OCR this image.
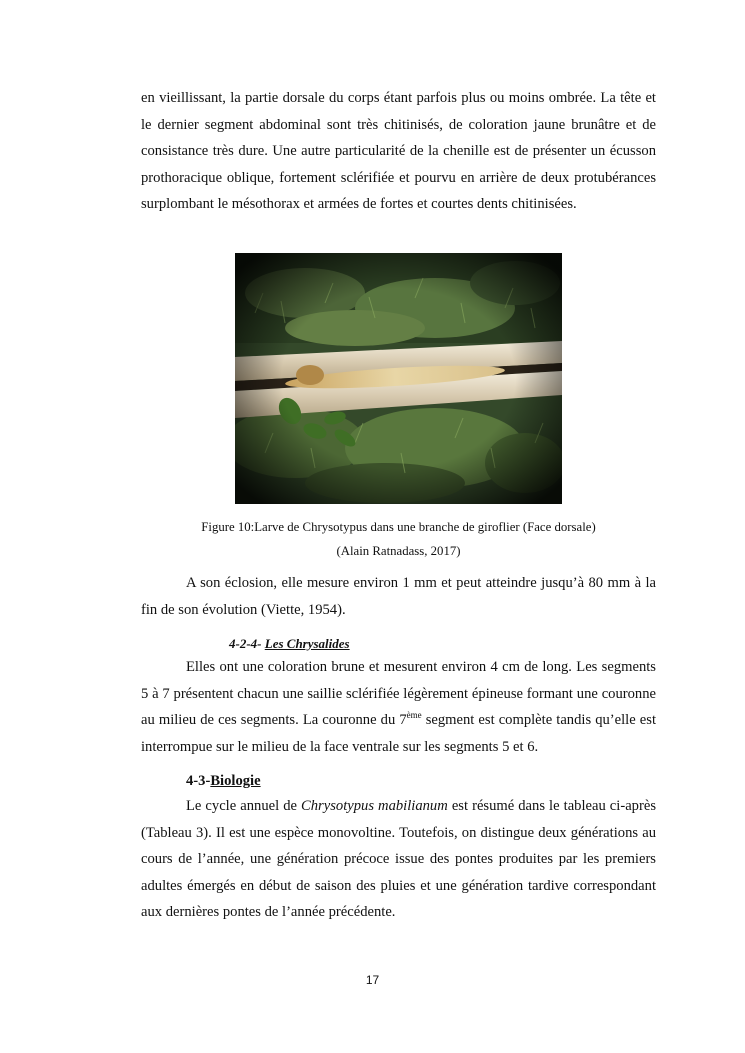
en vieillissant, la partie dorsale du corps étant parfois plus ou moins ombrée. La tête et le dernier segment abdominal sont très chitinisés, de coloration jaune brunâtre et de consistance très dure. Une autre particularité de la chenille est de présenter un écusson prothoracique oblique, fortement sclérifiée et pourvu en arrière de deux protubérances surplombant le mésothorax et armées de fortes et courtes dents chitinisées.

Figure 10:Larve de Chrysotypus dans une branche de giroflier (Face dorsale)

(Alain Ratnadass, 2017)

A son éclosion, elle mesure environ 1 mm et peut atteindre jusqu’à 80 mm à la fin de son évolution (Viette, 1954).

4-2-4- Les Chrysalides

Elles ont une coloration brune et mesurent environ 4 cm de long. Les segments 5 à 7 présentent chacun une saillie sclérifiée légèrement épineuse formant une couronne au milieu de ces segments. La couronne du 7ème segment est complète tandis qu’elle est interrompue sur le milieu de la face ventrale sur les segments 5 et 6.

4-3-Biologie

Le cycle annuel de Chrysotypus mabilianum est résumé dans le tableau ci-après (Tableau 3). Il est une espèce monovoltine. Toutefois, on distingue deux générations au cours de l’année, une génération précoce issue des pontes produites par les premiers adultes émergés en début de saison des pluies et une génération tardive correspondant aux dernières pontes de l’année précédente.

17
